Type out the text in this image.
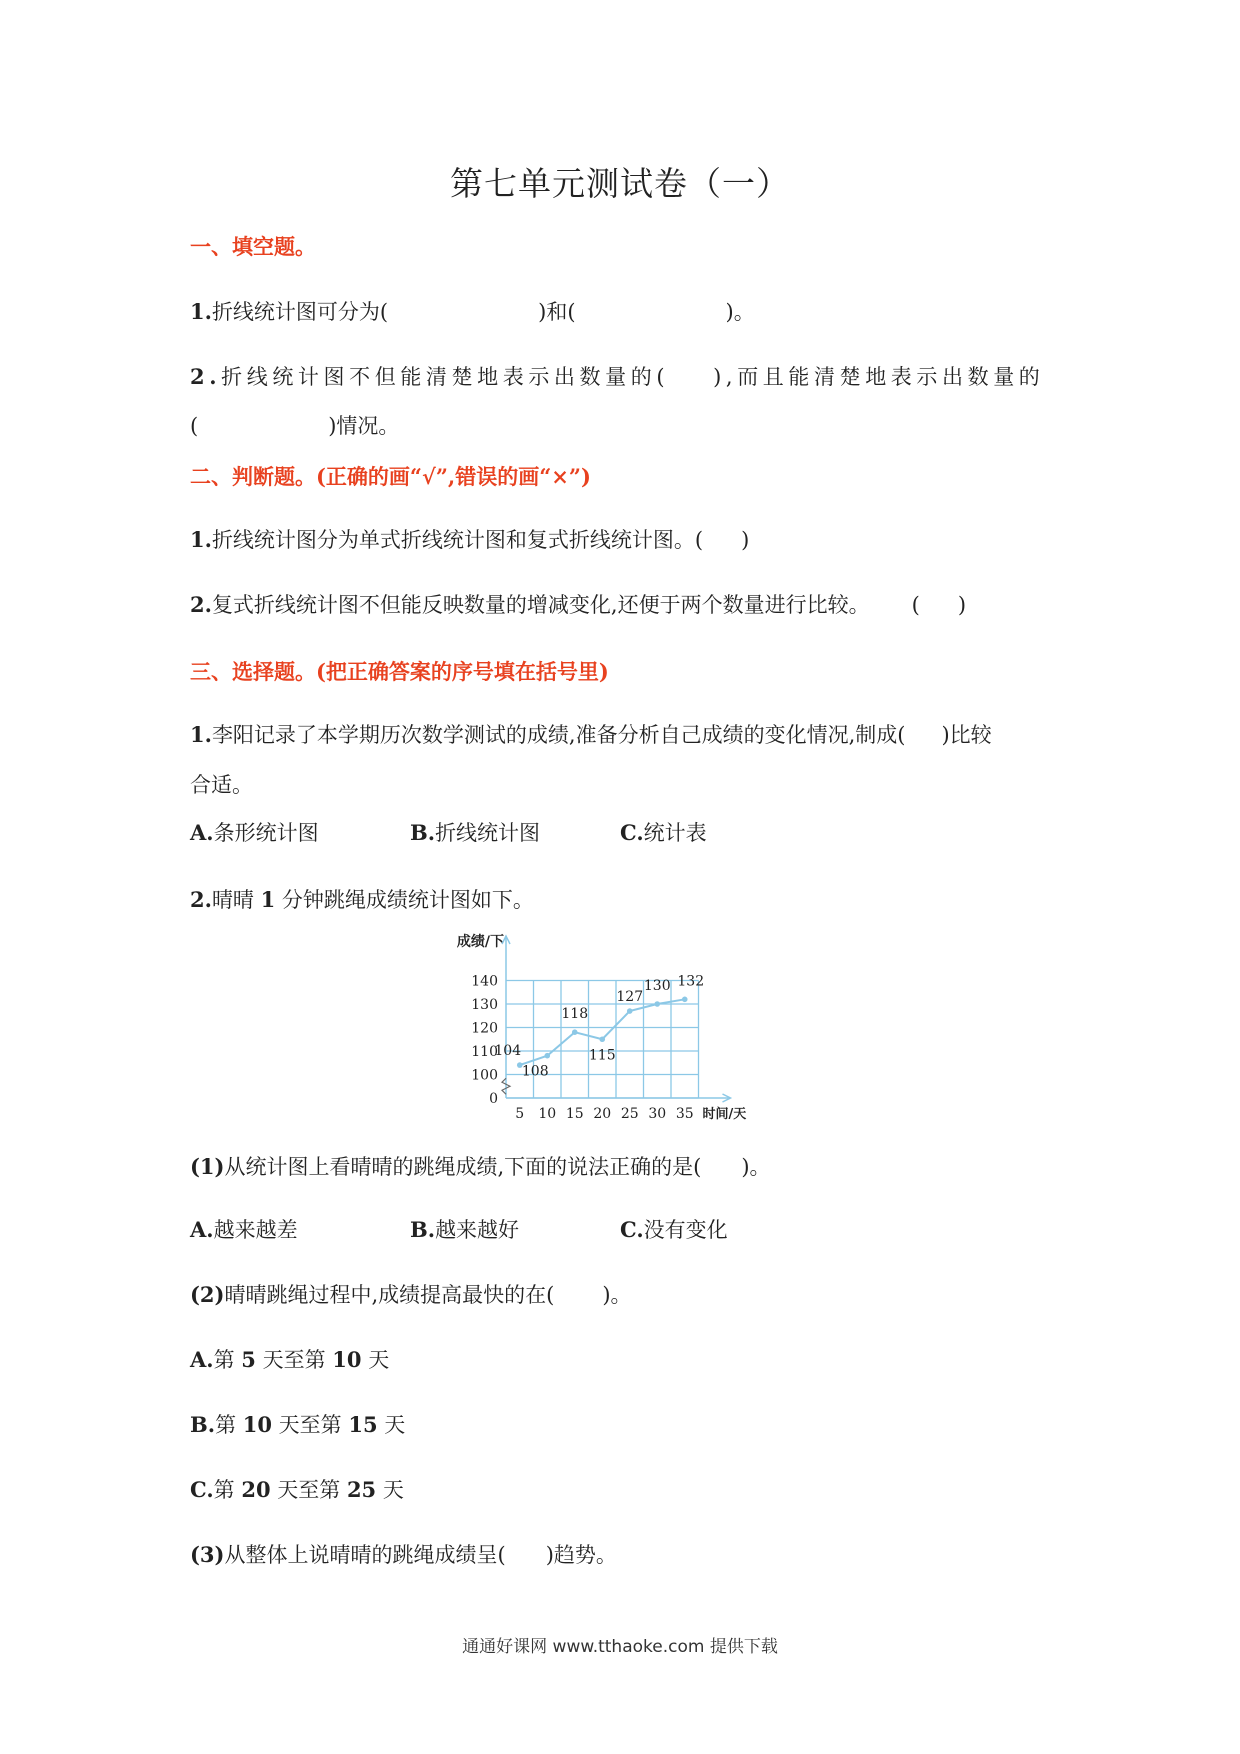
第七单元测试卷（一）
一、填空题。
1.折线统计图可分为(	)和(	)。
2.折线统计图不但能清楚地表示出数量的( ),而且能清楚地表示出数量的
(	)情况。
二、判断题。(正确的画“√”,错误的画“×”)
1.折线统计图分为单式折线统计图和复式折线统计图。( )
2.复式折线统计图不但能反映数量的增减变化,还便于两个数量进行比较。 ( )
三、选择题。(把正确答案的序号填在括号里)
1.李阳记录了本学期历次数学测试的成绩,准备分析自己成绩的变化情况,制成( )比较
合适。
A.条形统计图	B.折线统计图	C.统计表
2.晴晴 1 分钟跳绳成绩统计图如下。
0
100
110
120
130
140
成绩/下
5 10 15 20 25 30 35 时间/天
104
108
118
115
127
130 132
(1)从统计图上看晴晴的跳绳成绩,下面的说法正确的是( )。
A.越来越差	B.越来越好	C.没有变化
(2)晴晴跳绳过程中,成绩提高最快的在( )。
A.第 5 天至第 10 天
B.第 10 天至第 15 天
C.第 20 天至第 25 天
(3)从整体上说晴晴的跳绳成绩呈( )趋势。
通通好课网 www.tthaoke.com 提供下载
